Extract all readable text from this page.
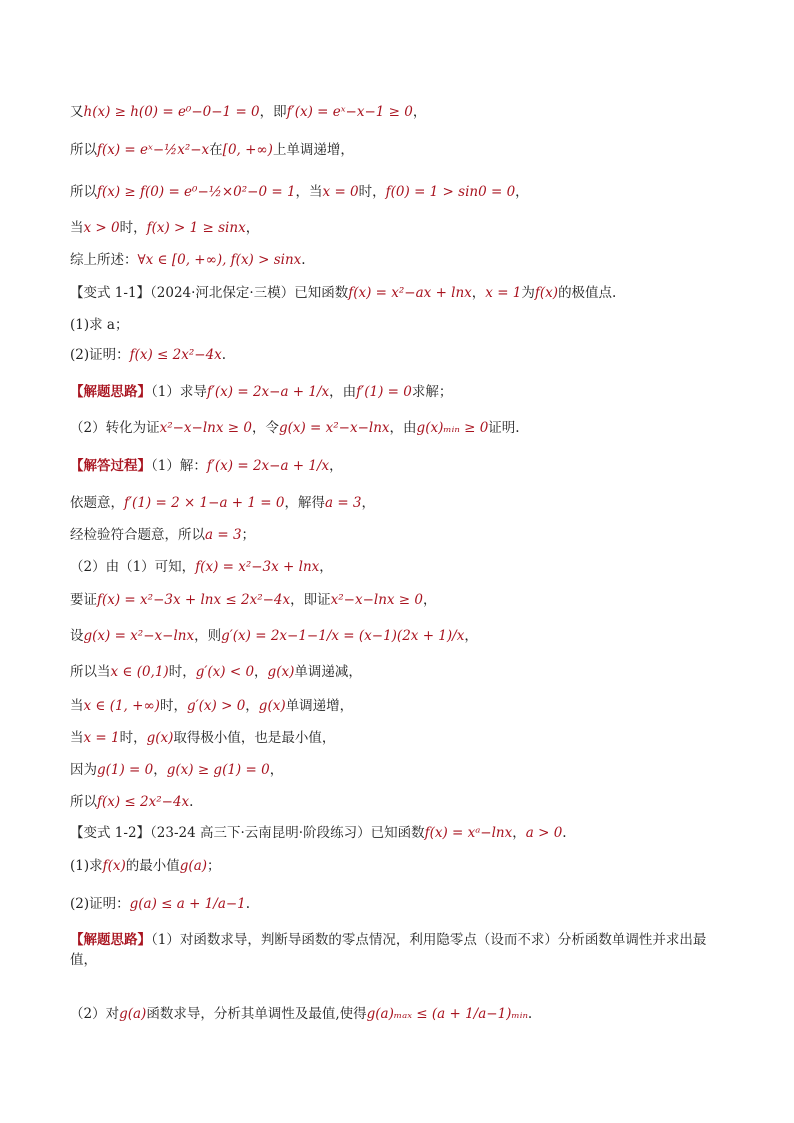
又h(x) ≥ h(0) = e⁰−0−1 = 0，即f′(x) = eˣ−x−1 ≥ 0，
所以f(x) = eˣ−½x²−x在[0, +∞)上单调递增，
所以f(x) ≥ f(0) = e⁰−½×0²−0 = 1，当x = 0时，f(0) = 1 > sin0 = 0，
当x > 0时，f(x) > 1 ≥ sinx，
综上所述：∀x ∈ [0, +∞), f(x) > sinx.
【变式 1-1】（2024·河北保定·三模）已知函数f(x) = x²−ax + lnx，x = 1为f(x)的极值点.
(1)求 a；
(2)证明：f(x) ≤ 2x²−4x.
【解题思路】（1）求导f′(x) = 2x−a + 1/x，由f′(1) = 0求解；
（2）转化为证x²−x−lnx ≥ 0，令g(x) = x²−x−lnx，由g(x)ₘᵢₙ ≥ 0证明.
【解答过程】（1）解：f′(x) = 2x−a + 1/x，
依题意，f′(1) = 2 × 1−a + 1 = 0，解得a = 3，
经检验符合题意，所以a = 3；
（2）由（1）可知，f(x) = x²−3x + lnx，
要证f(x) = x²−3x + lnx ≤ 2x²−4x，即证x²−x−lnx ≥ 0，
设g(x) = x²−x−lnx，则g′(x) = 2x−1−1/x = (x−1)(2x + 1)/x，
所以当x ∈ (0,1)时，g′(x) < 0，g(x)单调递减，
当x ∈ (1, +∞)时，g′(x) > 0，g(x)单调递增，
当x = 1时，g(x)取得极小值，也是最小值，
因为g(1) = 0，g(x) ≥ g(1) = 0，
所以f(x) ≤ 2x²−4x.
【变式 1-2】（23-24 高三下·云南昆明·阶段练习）已知函数f(x) = xᵃ−lnx，a > 0.
(1)求f(x)的最小值g(a)；
(2)证明：g(a) ≤ a + 1/a−1.
【解题思路】（1）对函数求导，判断导函数的零点情况，利用隐零点（设而不求）分析函数单调性并求出最值，
（2）对g(a)函数求导，分析其单调性及最值,使得g(a)ₘₐₓ ≤ (a + 1/a−1)ₘᵢₙ.
